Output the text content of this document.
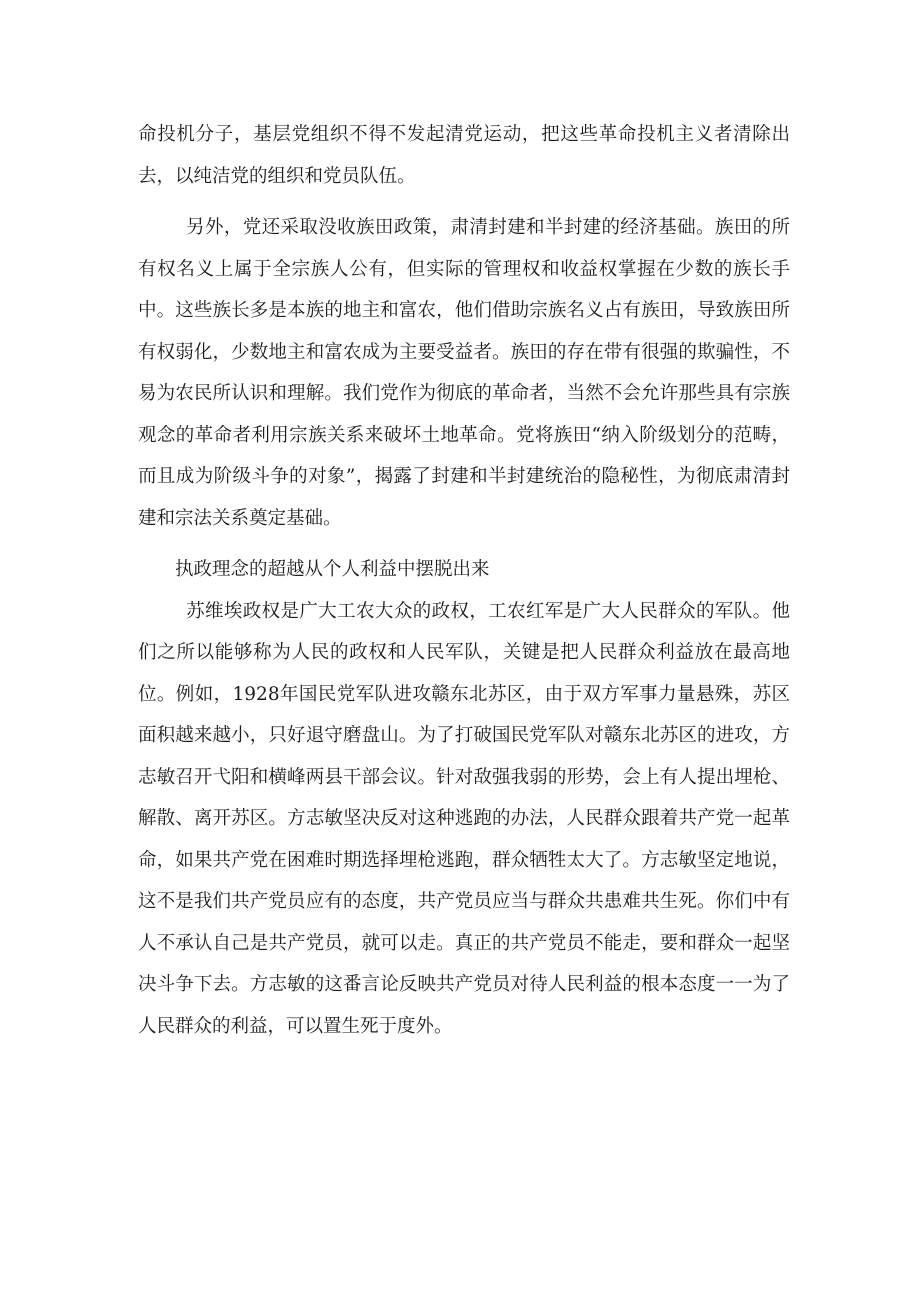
命投机分子，基层党组织不得不发起清党运动，把这些革命投机主义者清除出去，以纯洁党的组织和党员队伍。

另外，党还采取没收族田政策，肃清封建和半封建的经济基础。族田的所有权名义上属于全宗族人公有，但实际的管理权和收益权掌握在少数的族长手中。这些族长多是本族的地主和富农，他们借助宗族名义占有族田，导致族田所有权弱化，少数地主和富农成为主要受益者。族田的存在带有很强的欺骗性，不易为农民所认识和理解。我们党作为彻底的革命者，当然不会允许那些具有宗族观念的革命者利用宗族关系来破坏土地革命。党将族田“纳入阶级划分的范畴，而且成为阶级斗争的对象”，揭露了封建和半封建统治的隐秘性，为彻底肃清封建和宗法关系奠定基础。

执政理念的超越从个人利益中摆脱出来

苏维埃政权是广大工农大众的政权，工农红军是广大人民群众的军队。他们之所以能够称为人民的政权和人民军队，关键是把人民群众利益放在最高地位。例如，1928年国民党军队进攻赣东北苏区，由于双方军事力量悬殊，苏区面积越来越小，只好退守磨盘山。为了打破国民党军队对赣东北苏区的进攻，方志敏召开弋阳和横峰两县干部会议。针对敌强我弱的形势，会上有人提出埋枪、解散、离开苏区。方志敏坚决反对这种逃跑的办法，人民群众跟着共产党一起革命，如果共产党在困难时期选择埋枪逃跑，群众牺牲太大了。方志敏坚定地说，这不是我们共产党员应有的态度，共产党员应当与群众共患难共生死。你们中有人不承认自己是共产党员，就可以走。真正的共产党员不能走，要和群众一起坚决斗争下去。方志敏的这番言论反映共产党员对待人民利益的根本态度一一为了人民群众的利益，可以置生死于度外。
